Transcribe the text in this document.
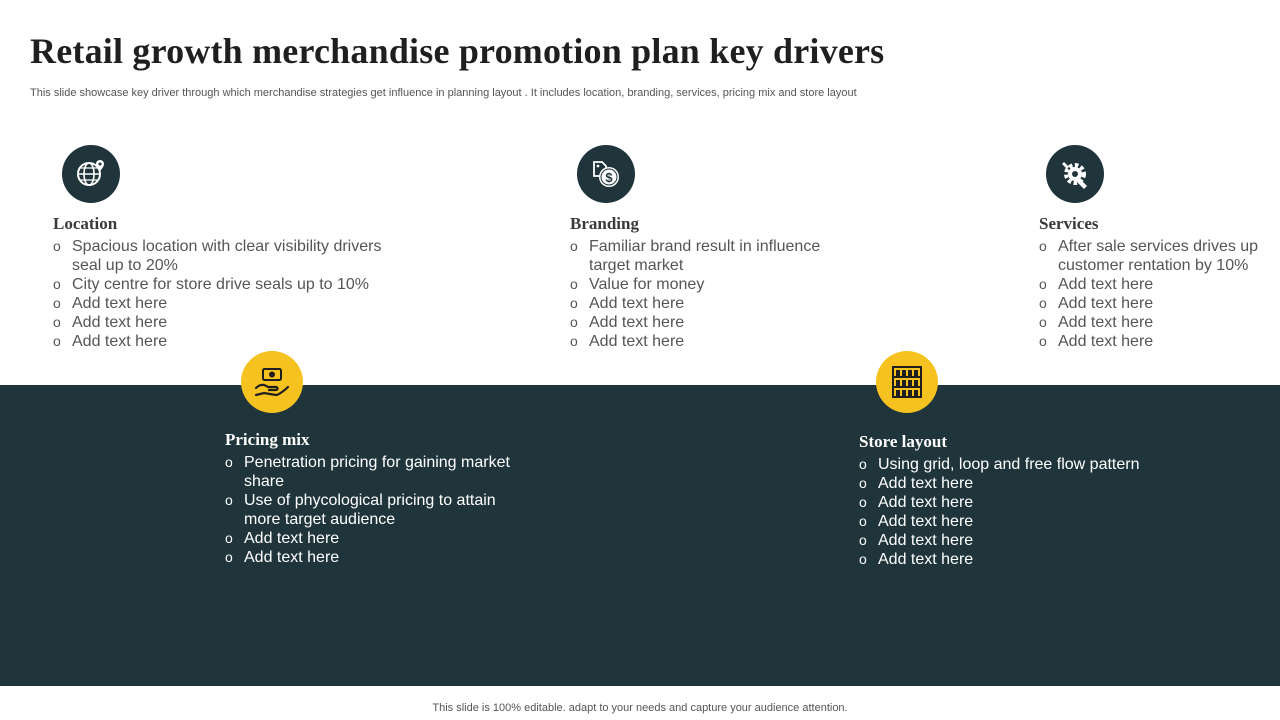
Retail growth merchandise promotion plan key drivers
This slide showcase key driver through which merchandise strategies get influence in planning layout . It includes location, branding, services, pricing mix and store layout
Location
o Spacious location with clear visibility drivers seal up to 20%
o City centre for store drive seals up to 10%
o Add text here
o Add text here
o Add text here
$
Branding
o Familiar brand result in influence target market
o Value for money
o Add text here
o Add text here
o Add text here
Services
o After sale services drives up customer rentation by 10%
o Add text here
o Add text here
o Add text here
o Add text here
Pricing mix
o Penetration pricing for gaining market share
o Use of phycological pricing to attain more target audience
o Add text here
o Add text here
Store layout
o Using grid, loop and free flow pattern
o Add text here
o Add text here
o Add text here
o Add text here
o Add text here
This slide is 100% editable. adapt to your needs and capture your audience attention.
